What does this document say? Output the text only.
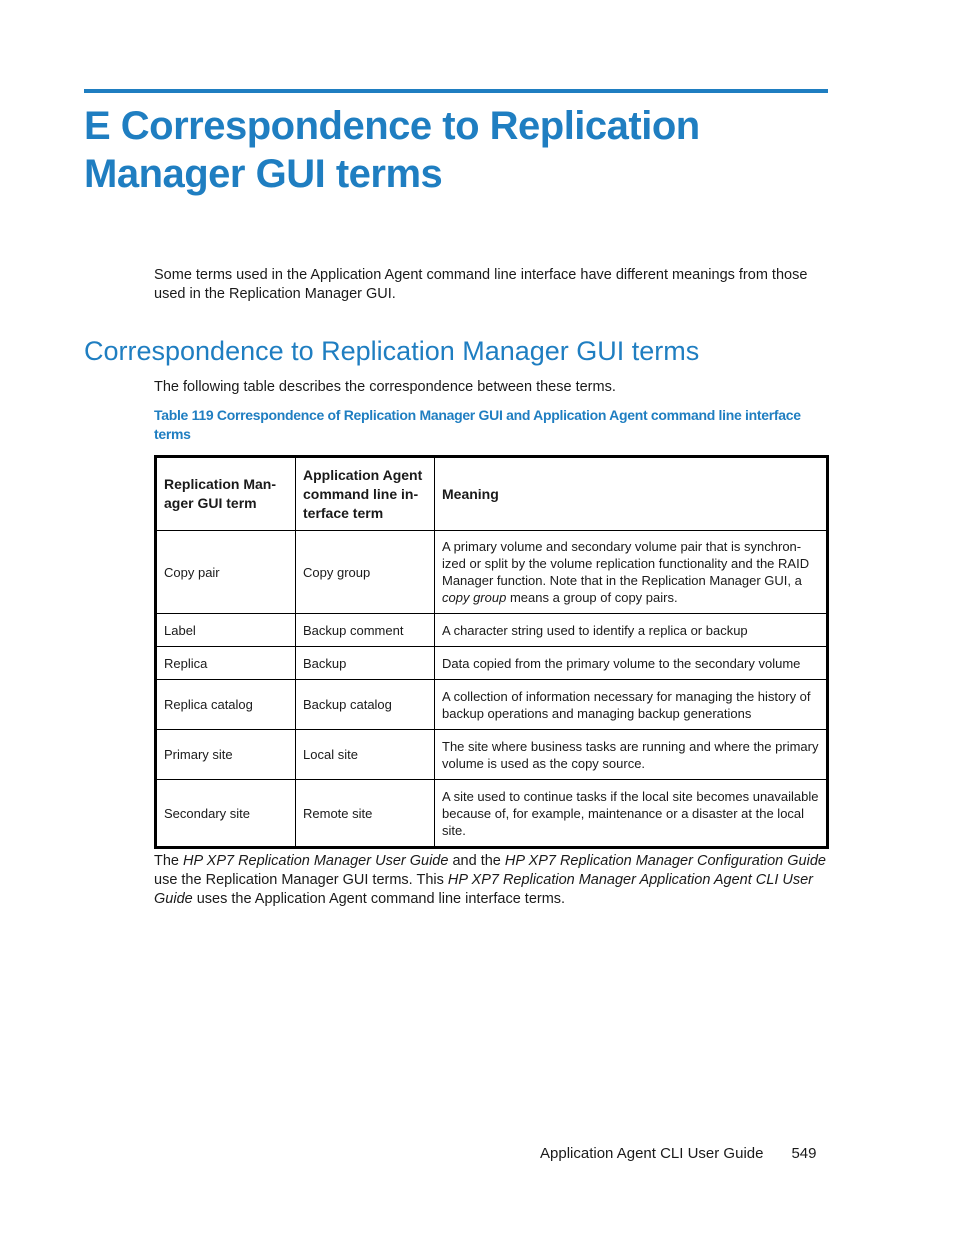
E Correspondence to Replication Manager GUI terms

Some terms used in the Application Agent command line interface have different meanings from those used in the Replication Manager GUI.

Correspondence to Replication Manager GUI terms

The following table describes the correspondence between these terms.

Table 119 Correspondence of Replication Manager GUI and Application Agent command line interface terms

Replication Man-ager GUI term	Application Agent command line in-terface term	Meaning
Copy pair	Copy group	A primary volume and secondary volume pair that is synchron-ized or split by the volume replication functionality and the RAID Manager function. Note that in the Replication Manager GUI, a copy group means a group of copy pairs.
Label	Backup comment	A character string used to identify a replica or backup
Replica	Backup	Data copied from the primary volume to the secondary volume
Replica catalog	Backup catalog	A collection of information necessary for managing the history of backup operations and managing backup generations
Primary site	Local site	The site where business tasks are running and where the primary volume is used as the copy source.
Secondary site	Remote site	A site used to continue tasks if the local site becomes unavailable because of, for example, maintenance or a disaster at the local site.

The HP XP7 Replication Manager User Guide and the HP XP7 Replication Manager Configuration Guide use the Replication Manager GUI terms. This HP XP7 Replication Manager Application Agent CLI User Guide uses the Application Agent command line interface terms.

Application Agent CLI User Guide 549
